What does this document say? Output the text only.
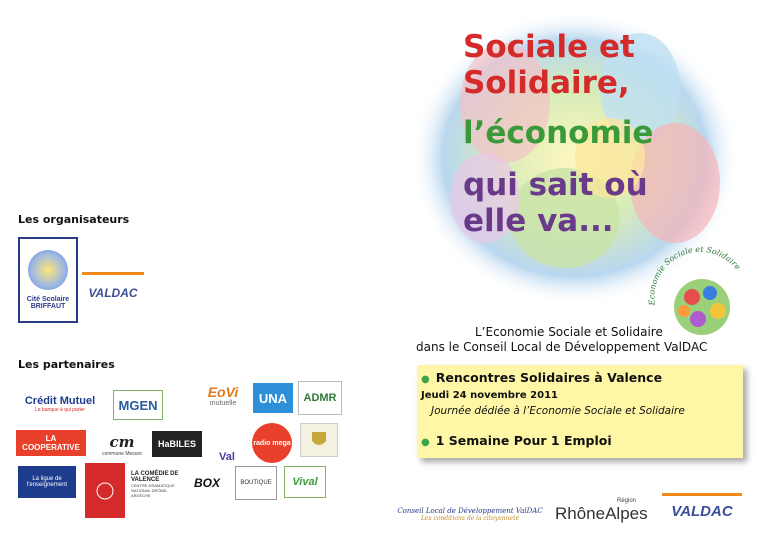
Sociale et
Solidaire,
l’économie
qui sait où
elle va...
Economie Sociale et Solidaire
Les organisateurs
Cité Scolaire
BRIFFAUT
VALDAC
Les partenaires
Crédit Mutuel
La banque à qui parler	MGEN
EoVi
mutuelle UNA ADMR
LA COOPERATIVE	cm
commune Mesure
HaBILES
Val
radio mega
La ligue de l'enseignement
LA COMÉDIE DE VALENCE
CENTRE DRAMATIQUE NATIONAL DRÔME-ARDÈCHE
BOX	BOUTIQUE Vival
L’Economie Sociale et Solidaire
dans le Conseil Local de Développement ValDAC
● Rencontres Solidaires à Valence
Jeudi 24 novembre 2011
Journée dédiée à l’Economie Sociale et Solidaire
● 1 Semaine Pour 1 Emploi
Conseil Local de Développement ValDAC
Les conditions de la citoyenneté
Région
RhôneAlpes VALDAC
